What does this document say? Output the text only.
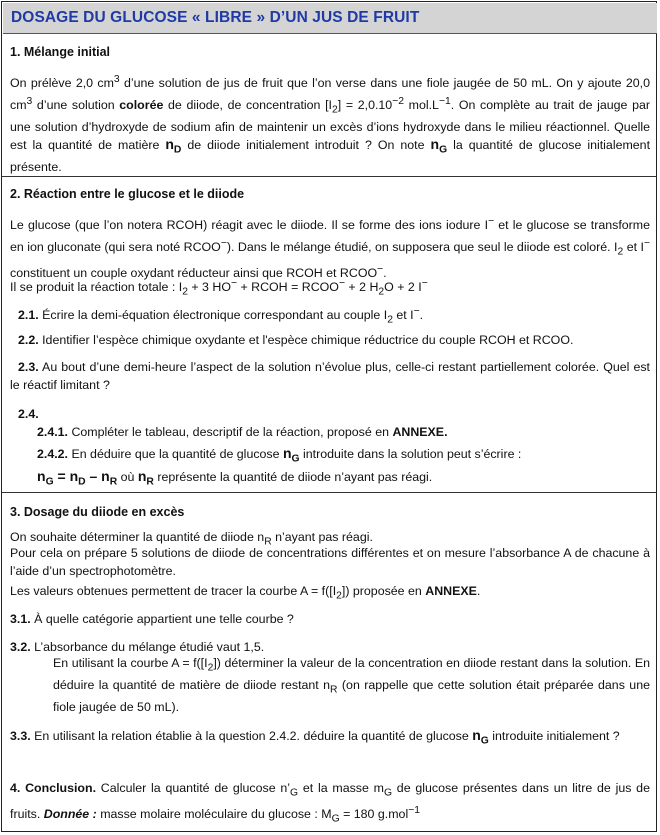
DOSAGE DU GLUCOSE « LIBRE » D’UN JUS DE FRUIT
1. Mélange initial
On prélève 2,0 $cm^3$ d’une solution de jus de fruit que l’on verse dans une fiole jaugée de 50 mL. On y ajoute 20,0 $cm^3$ d’une solution colorée de diiode, de concentration $[I_2] = 2,0.10^{-2}$ $mol.L^{-1}$. On complète au trait de jauge par une solution d’hydroxyde de sodium afin de maintenir un excès d’ions hydroxyde dans le milieu réactionnel. Quelle est la quantité de matière $n_D$ de diiode initialement introduit ? On note $n_G$ la quantité de glucose initialement présente.
2. Réaction entre le glucose et le diiode
Le glucose (que l’on notera RCOH) réagit avec le diiode. Il se forme des ions iodure I− et le glucose se transforme en ion gluconate (qui sera noté RCOO−). Dans le mélange étudié, on supposera que seul le diiode est coloré. $I_2$ et I− constituent un couple oxydant réducteur ainsi que RCOH et RCOO−.
Il se produit la réaction totale : $I_2 + 3$ HO− + RCOH = RCOO− + 2 $H_2O + 2$ I−
2.1. Écrire la demi-équation électronique correspondant au couple $I_2$ et I−.
2.2. Identifier l’espèce chimique oxydante et l'espèce chimique réductrice du couple RCOH et RCOO.
2.3. Au bout d’une demi-heure l’aspect de la solution n’évolue plus, celle-ci restant partiellement colorée. Quel est le réactif limitant ?
2.4.
2.4.1. Compléter le tableau, descriptif de la réaction, proposé en ANNEXE.
2.4.2. En déduire que la quantité de glucose $n_G$ introduite dans la solution peut s’écrire :
$n_G = n_D - n_R$ où $n_R$ représente la quantité de diiode n’ayant pas réagi.
3. Dosage du diiode en excès
On souhaite déterminer la quantité de diiode $n_R$ n’ayant pas réagi.
Pour cela on prépare 5 solutions de diiode de concentrations différentes et on mesure l’absorbance A de chacune à l’aide d’un spectrophotomètre.
Les valeurs obtenues permettent de tracer la courbe $A = f([I_2])$ proposée en ANNEXE.
3.1. À quelle catégorie appartient une telle courbe ?
3.2. L’absorbance du mélange étudié vaut 1,5.
En utilisant la courbe $A = f([I_2])$ déterminer la valeur de la concentration en diiode restant dans la solution. En déduire la quantité de matière de diiode restant $n_R$ (on rappelle que cette solution était préparée dans une fiole jaugée de 50 mL).
3.3. En utilisant la relation établie à la question 2.4.2. déduire la quantité de glucose $n_G$ introduite initialement ?
4. Conclusion. Calculer la quantité de glucose $n’_G$ et la masse $m_G$ de glucose présentes dans un litre de jus de fruits. Donnée : masse molaire moléculaire du glucose : $M_G = 180$ g.mol$^{-1}$
